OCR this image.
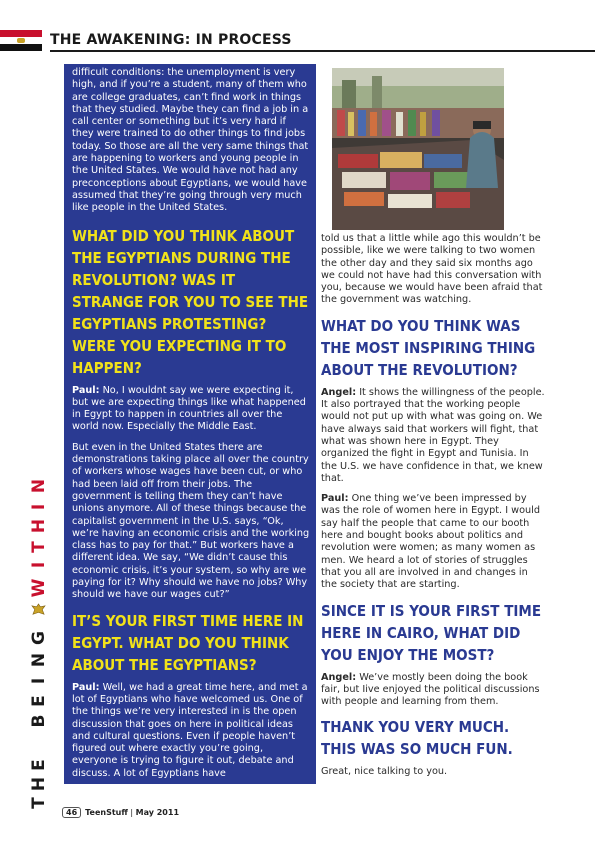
THE AWAKENING: IN PROCESS
T
H
E
B
E
I
N
G
W
I
T
H
I
N

difficult conditions: the unemployment is very high, and if you’re a student, many of them who are college graduates, can’t find work in things that they studied. Maybe they can find a job in a call center or something but it’s very hard if they were trained to do other things to find jobs today. So those are all the very same things that are happening to workers and young people in the United States. We would have not had any preconceptions about Egyptians, we would have assumed that they’re going through very much like people in the United States.

WHAT DID YOU THINK ABOUT THE EGYPTIANS DURING THE REVOLUTION? WAS IT STRANGE FOR YOU TO SEE THE EGYPTIANS PROTESTING? WERE YOU EXPECTING IT TO HAPPEN?

Paul: No, I wouldnt say we were expecting it, but we are expecting things like what happened in Egypt to happen in countries all over the world now. Especially the Middle East.

But even in the United States there are demonstrations taking place all over the country of workers whose wages have been cut, or who had been laid off from their jobs. The government is telling them they can’t have unions anymore. All of these things because the capitalist government in the U.S. says, “Ok, we’re having an economic crisis and the working class has to pay for that.” But workers have a different idea. We say, “We didn’t cause this economic crisis, it’s your system, so why are we paying for it? Why should we have no jobs? Why should we have our wages cut?”

IT’S YOUR FIRST TIME HERE IN EGYPT. WHAT DO YOU THINK ABOUT THE EGYPTIANS?

Paul: Well, we had a great time here, and met a lot of Egyptians who have welcomed us. One of the things we’re very interested in is the open discussion that goes on here in political ideas and cultural questions. Even if people haven’t figured out where exactly you’re going, everyone is trying to figure it out, debate and discuss. A lot of Egyptians have

told us that a little while ago this wouldn’t be possible, like we were talking to two women the other day and they said six months ago we could not have had this conversation with you, because we would have been afraid that the government was watching.

WHAT DO YOU THINK WAS THE MOST INSPIRING THING ABOUT THE REVOLUTION?

Angel: It shows the willingness of the people. It also portrayed that the working people would not put up with what was going on. We have always said that workers will fight, that what was shown here in Egypt. They organized the fight in Egypt and Tunisia. In the U.S. we have confidence in that, we knew that.

Paul: One thing we’ve been impressed by was the role of women here in Egypt. I would say half the people that came to our booth here and bought books about politics and revolution were women; as many women as men. We heard a lot of stories of struggles that you all are involved in and changes in the society that are starting.

SINCE IT IS YOUR FIRST TIME HERE IN CAIRO, WHAT DID YOU ENJOY THE MOST?

Angel: We’ve mostly been doing the book fair, but Iive enjoyed the political discussions with people and learning from them.

THANK YOU VERY MUCH. THIS WAS SO MUCH FUN.

Great, nice talking to you.

46 TeenStuff | May 2011
